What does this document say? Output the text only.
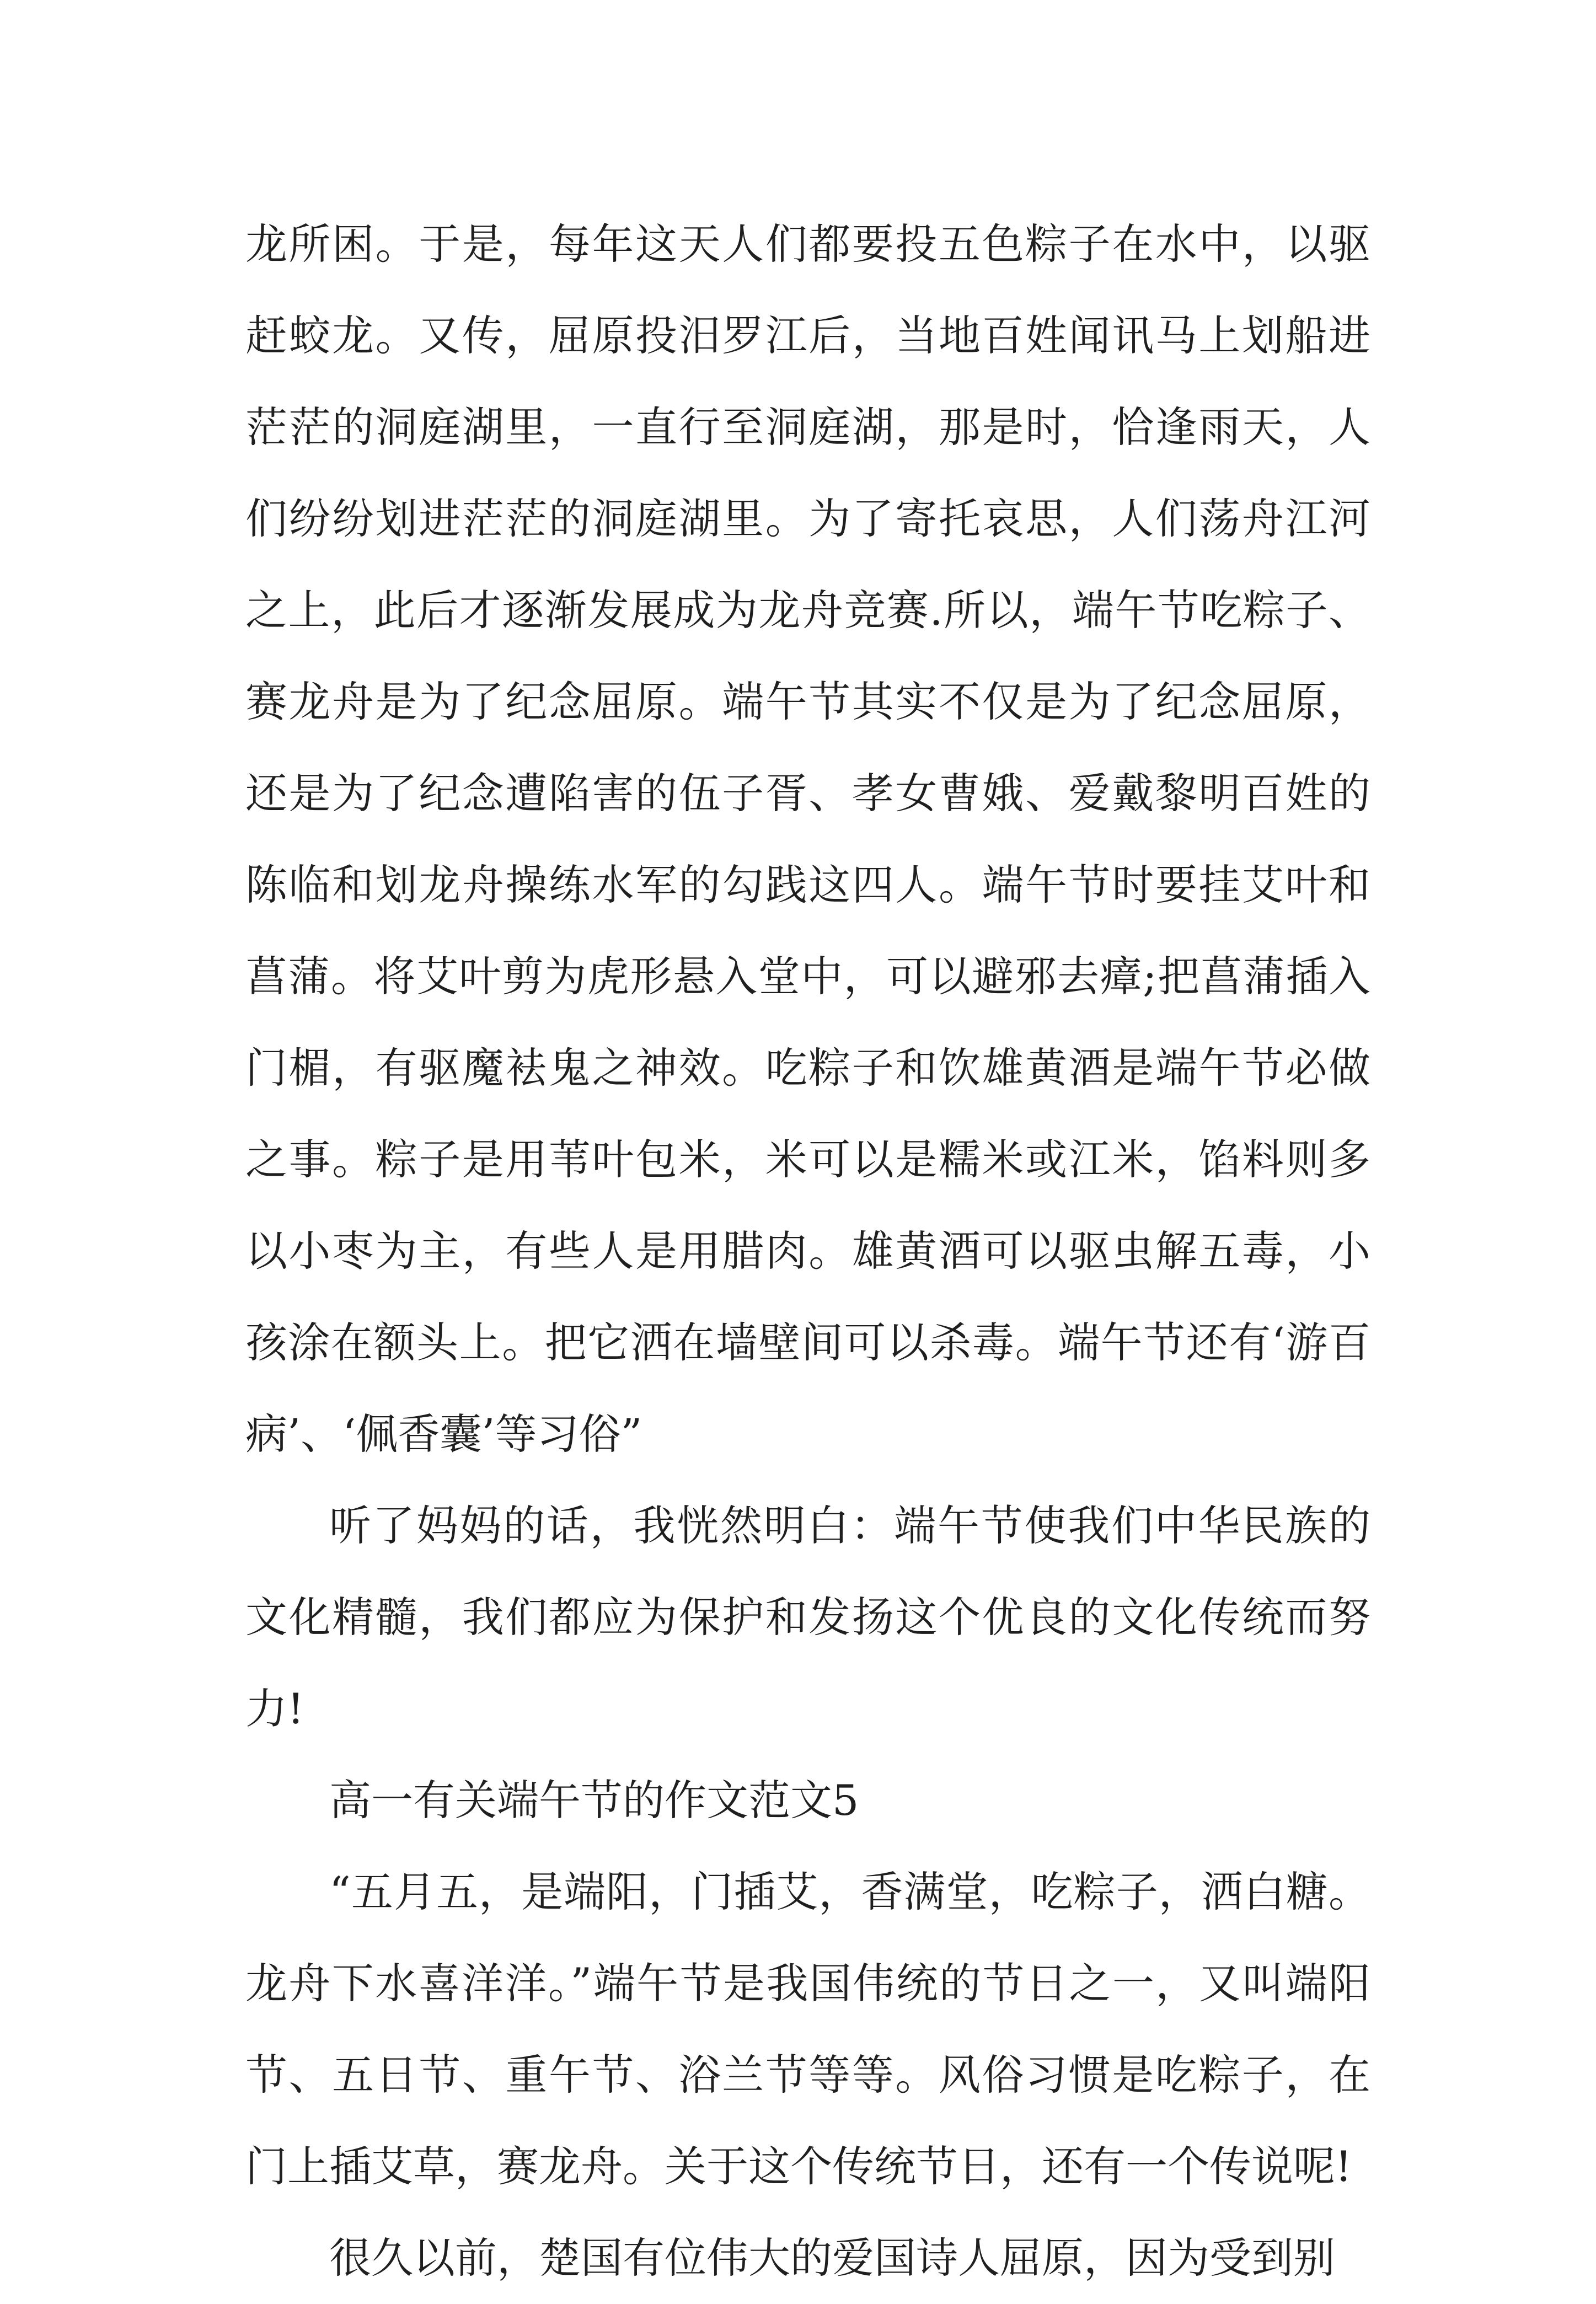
龙所困。于是，每年这天人们都要投五色粽子在水中，以驱赶蛟龙。又传，屈原投汨罗江后，当地百姓闻讯马上划船进茫茫的洞庭湖里，一直行至洞庭湖，那是时，恰逢雨天，人们纷纷划进茫茫的洞庭湖里。为了寄托哀思，人们荡舟江河之上，此后才逐渐发展成为龙舟竞赛.所以，端午节吃粽子、赛龙舟是为了纪念屈原。端午节其实不仅是为了纪念屈原，还是为了纪念遭陷害的伍子胥、孝女曹娥、爱戴黎明百姓的陈临和划龙舟操练水军的勾践这四人。端午节时要挂艾叶和菖蒲。将艾叶剪为虎形悬入堂中，可以避邪去瘴;把菖蒲插入门楣，有驱魔袪鬼之神效。吃粽子和饮雄黄酒是端午节必做之事。粽子是用苇叶包米，米可以是糯米或江米，馅料则多以小枣为主，有些人是用腊肉。雄黄酒可以驱虫解五毒，小孩涂在额头上。把它洒在墙壁间可以杀毒。端午节还有‘游百病’、‘佩香囊’等习俗”

听了妈妈的话，我恍然明白：端午节使我们中华民族的文化精髓，我们都应为保护和发扬这个优良的文化传统而努力!

高一有关端午节的作文范文5

“五月五，是端阳，门插艾，香满堂，吃粽子，洒白糖。龙舟下水喜洋洋。”端午节是我国伟统的节日之一，又叫端阳节、五日节、重午节、浴兰节等等。风俗习惯是吃粽子，在门上插艾草，赛龙舟。关于这个传统节日，还有一个传说呢!

很久以前，楚国有位伟大的爱国诗人屈原，因为受到别
